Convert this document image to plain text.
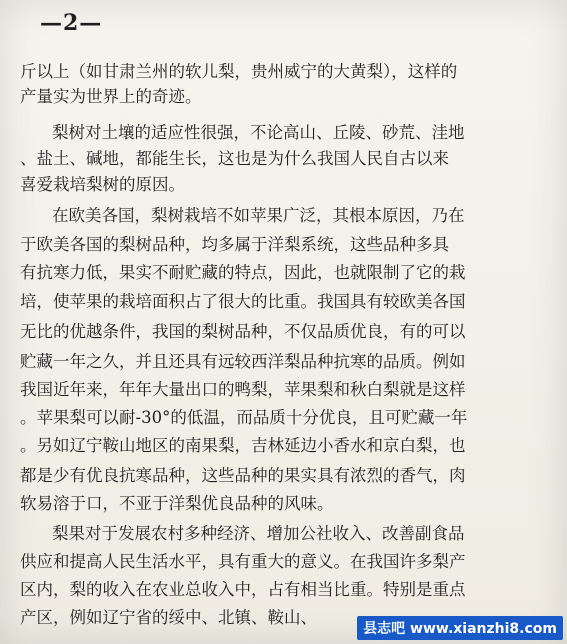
—2—
斤以上（如甘肃兰州的软儿梨，贵州威宁的大黄梨），这样的
产量实为世界上的奇迹。
梨树对土壤的适应性很强，不论高山、丘陵、砂荒、洼地
、盐土、碱地，都能生长，这也是为什么我国人民自古以来
喜爱栽培梨树的原因。
在欧美各国，梨树栽培不如苹果广泛，其根本原因，乃在
于欧美各国的梨树品种，均多属于洋梨系统，这些品种多具
有抗寒力低，果实不耐贮藏的特点，因此，也就限制了它的栽
培，使苹果的栽培面积占了很大的比重。我国具有较欧美各国
无比的优越条件，我国的梨树品种，不仅品质优良，有的可以
贮藏一年之久，并且还具有远较西洋梨品种抗寒的品质。例如
我国近年来，年年大量出口的鸭梨，苹果梨和秋白梨就是这样
。苹果梨可以耐-30°的低温，而品质十分优良，且可贮藏一年
。另如辽宁鞍山地区的南果梨，吉林延边小香水和京白梨，也
都是少有优良抗寒品种，这些品种的果实具有浓烈的香气，肉
软易溶于口，不亚于洋梨优良品种的风味。
梨果对于发展农村多种经济、增加公社收入、改善副食品
供应和提高人民生活水平，具有重大的意义。在我国许多梨产
区内，梨的收入在农业总收入中，占有相当比重。特别是重点
产区，例如辽宁省的绥中、北镇、鞍山、
县志吧 www.xianzhi8.com
